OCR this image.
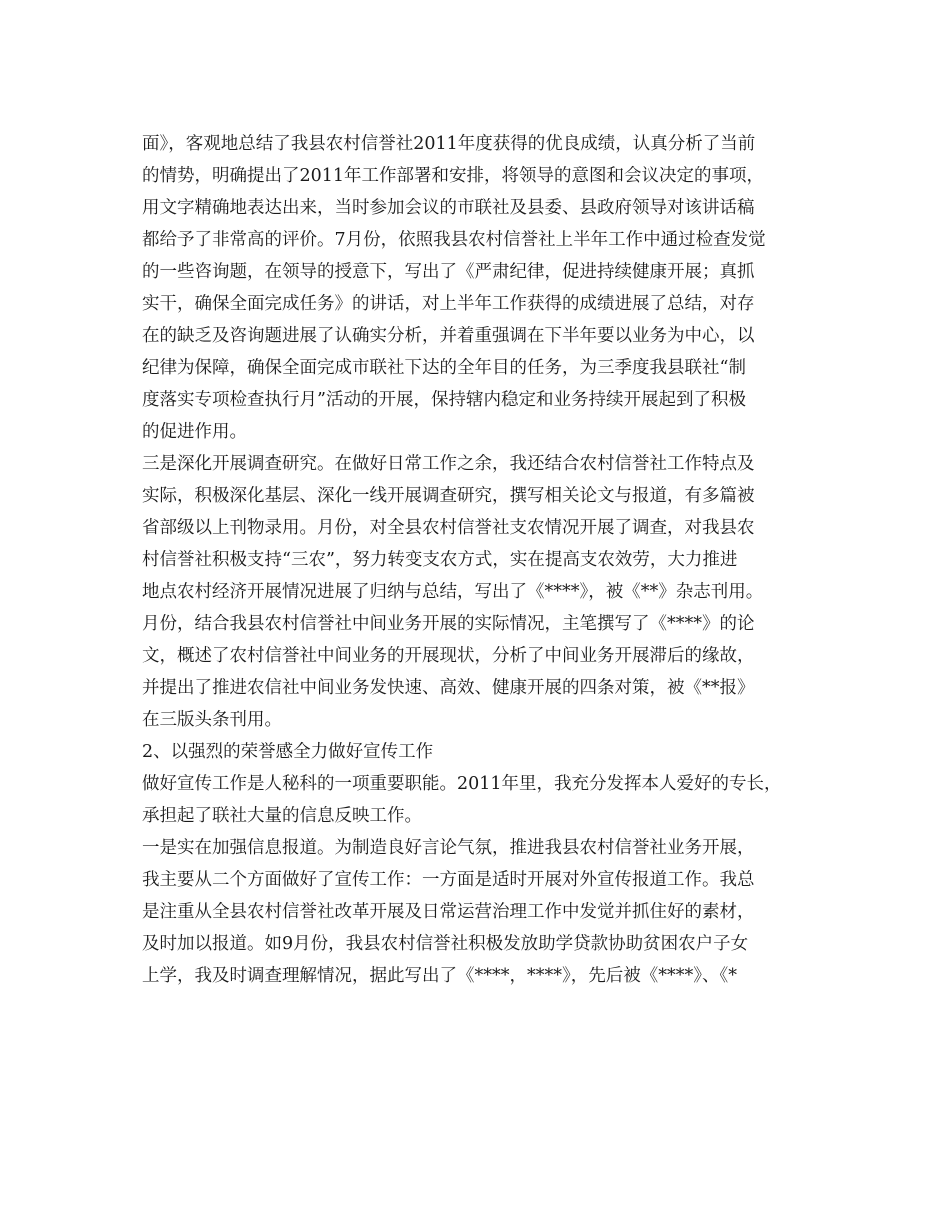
面》，客观地总结了我县农村信誉社2011年度获得的优良成绩，认真分析了当前
的情势，明确提出了2011年工作部署和安排，将领导的意图和会议决定的事项，
用文字精确地表达出来，当时参加会议的市联社及县委、县政府领导对该讲话稿
都给予了非常高的评价。7月份，依照我县农村信誉社上半年工作中通过检查发觉
的一些咨询题，在领导的授意下，写出了《严肃纪律，促进持续健康开展；真抓
实干，确保全面完成任务》的讲话，对上半年工作获得的成绩进展了总结，对存
在的缺乏及咨询题进展了认确实分析，并着重强调在下半年要以业务为中心，以
纪律为保障，确保全面完成市联社下达的全年目的任务，为三季度我县联社“制
度落实专项检查执行月”活动的开展，保持辖内稳定和业务持续开展起到了积极
的促进作用。
三是深化开展调查研究。在做好日常工作之余，我还结合农村信誉社工作特点及
实际，积极深化基层、深化一线开展调查研究，撰写相关论文与报道，有多篇被
省部级以上刊物录用。月份，对全县农村信誉社支农情况开展了调查，对我县农
村信誉社积极支持“三农”，努力转变支农方式，实在提高支农效劳，大力推进
地点农村经济开展情况进展了归纳与总结，写出了《****》，被《**》杂志刊用。
月份，结合我县农村信誉社中间业务开展的实际情况，主笔撰写了《****》的论
文，概述了农村信誉社中间业务的开展现状，分析了中间业务开展滞后的缘故，
并提出了推进农信社中间业务发快速、高效、健康开展的四条对策，被《**报》
在三版头条刊用。
2、以强烈的荣誉感全力做好宣传工作
做好宣传工作是人秘科的一项重要职能。2011年里，我充分发挥本人爱好的专长，
承担起了联社大量的信息反映工作。
一是实在加强信息报道。为制造良好言论气氛，推进我县农村信誉社业务开展，
我主要从二个方面做好了宣传工作：一方面是适时开展对外宣传报道工作。我总
是注重从全县农村信誉社改革开展及日常运营治理工作中发觉并抓住好的素材，
及时加以报道。如9月份，我县农村信誉社积极发放助学贷款协助贫困农户子女
上学，我及时调查理解情况，据此写出了《****，****》，先后被《****》、《*
